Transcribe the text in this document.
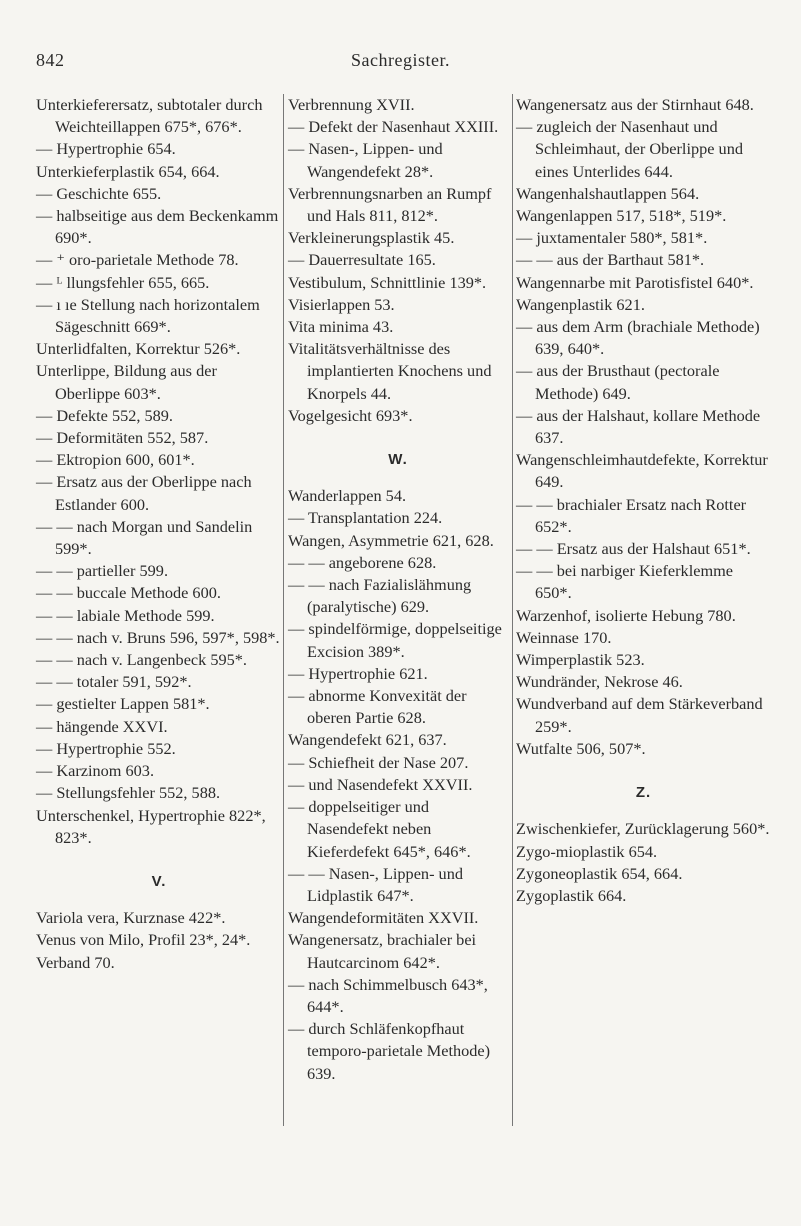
842	Sachregister.
Unterkieferersatz, subtotaler durch Weichteillappen 675*, 676*.
— Hypertrophie 654.
Unterkieferplastik 654, 664.
— Geschichte 655.
— halbseitige aus dem Beckenkamm 690*.
— ⁺ oro-parietale Methode 78.
— ᴸ llungsfehler 655, 665.
— ı ıe Stellung nach horizontalem Sägeschnitt 669*.
Unterlidfalten, Korrektur 526*.
Unterlippe, Bildung aus der Oberlippe 603*.
— Defekte 552, 589.
— Deformitäten 552, 587.
— Ektropion 600, 601*.
— Ersatz aus der Oberlippe nach Estlander 600.
— — nach Morgan und Sandelin 599*.
— — partieller 599.
— — buccale Methode 600.
— — labiale Methode 599.
— — nach v. Bruns 596, 597*, 598*.
— — nach v. Langenbeck 595*.
— — totaler 591, 592*.
— gestielter Lappen 581*.
— hängende XXVI.
— Hypertrophie 552.
— Karzinom 603.
— Stellungsfehler 552, 588.
Unterschenkel, Hypertrophie 822*, 823*.
V.
Variola vera, Kurznase 422*.
Venus von Milo, Profil 23*, 24*.
Verband 70.
Verbrennung XVII.
— Defekt der Nasenhaut XXIII.
— Nasen-, Lippen- und Wangendefekt 28*.
Verbrennungsnarben an Rumpf und Hals 811, 812*.
Verkleinerungsplastik 45.
— Dauerresultate 165.
Vestibulum, Schnittlinie 139*.
Visierlappen 53.
Vita minima 43.
Vitalitätsverhältnisse des implantierten Knochens und Knorpels 44.
Vogelgesicht 693*.
W.
Wanderlappen 54.
— Transplantation 224.
Wangen, Asymmetrie 621, 628.
— — angeborene 628.
— — nach Fazialislähmung (paralytische) 629.
— spindelförmige, doppelseitige Excision 389*.
— Hypertrophie 621.
— abnorme Konvexität der oberen Partie 628.
Wangendefekt 621, 637.
— Schiefheit der Nase 207.
— und Nasendefekt XXVII.
— doppelseitiger und Nasendefekt neben Kieferdefekt 645*, 646*.
— — Nasen-, Lippen- und Lidplastik 647*.
Wangendeformitäten XXVII.
Wangenersatz, brachialer bei Hautcarcinom 642*.
— nach Schimmelbusch 643*, 644*.
— durch Schläfenkopfhaut temporo-parietale Methode) 639.
Wangenersatz aus der Stirnhaut 648.
— zugleich der Nasenhaut und Schleimhaut, der Oberlippe und eines Unterlides 644.
Wangenhalshautlappen 564.
Wangenlappen 517, 518*, 519*.
— juxtamentaler 580*, 581*.
— — aus der Barthaut 581*.
Wangennarbe mit Parotisfistel 640*.
Wangenplastik 621.
— aus dem Arm (brachiale Methode) 639, 640*.
— aus der Brusthaut (pectorale Methode) 649.
— aus der Halshaut, kollare Methode 637.
Wangenschleimhautdefekte, Korrektur 649.
— — brachialer Ersatz nach Rotter 652*.
— — Ersatz aus der Halshaut 651*.
— — bei narbiger Kieferklemme 650*.
Warzenhof, isolierte Hebung 780.
Weinnase 170.
Wimperplastik 523.
Wundränder, Nekrose 46.
Wundverband auf dem Stärkeverband 259*.
Wutfalte 506, 507*.
Z.
Zwischenkiefer, Zurücklagerung 560*.
Zygo-mioplastik 654.
Zygoneoplastik 654, 664.
Zygoplastik 664.
